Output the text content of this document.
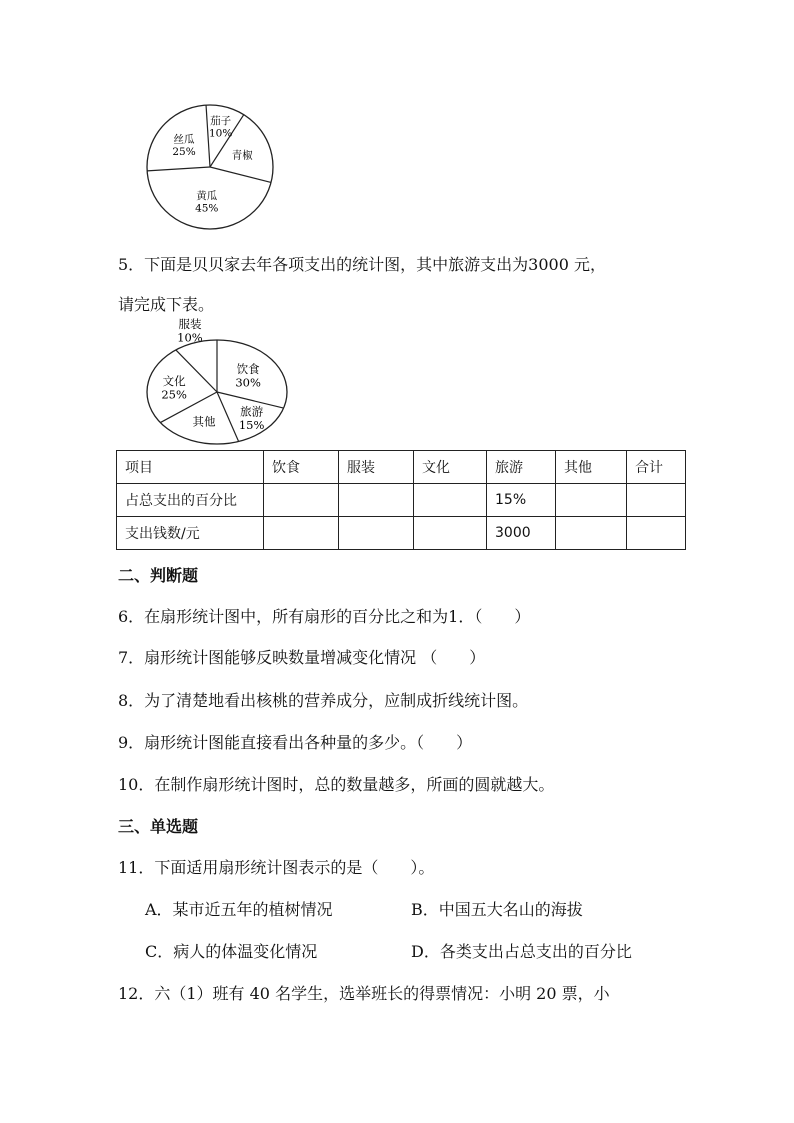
丝瓜
25%
茄子
10%
青椒
黄瓜
45%
5．下面是贝贝家去年各项支出的统计图，其中旅游支出为3000 元，
请完成下表。
服装
10%
饮食
30%
旅游
15%
其他
文化
25%
项目	饮食	服装	文化	旅游	其他	合计
占总支出的百分比				15%		
支出钱数/元				3000		
二、判断题
6．在扇形统计图中，所有扇形的百分比之和为1．（　　）
7．扇形统计图能够反映数量增减变化情况 （　　）
8．为了清楚地看出核桃的营养成分，应制成折线统计图。
9．扇形统计图能直接看出各种量的多少。（　　）
10．在制作扇形统计图时，总的数量越多，所画的圆就越大。
三、单选题
11．下面适用扇形统计图表示的是（　　）。
A．某市近五年的植树情况	B．中国五大名山的海拔
C．病人的体温变化情况	D．各类支出占总支出的百分比
12．六（1）班有 40 名学生，选举班长的得票情况：小明 20 票，小
